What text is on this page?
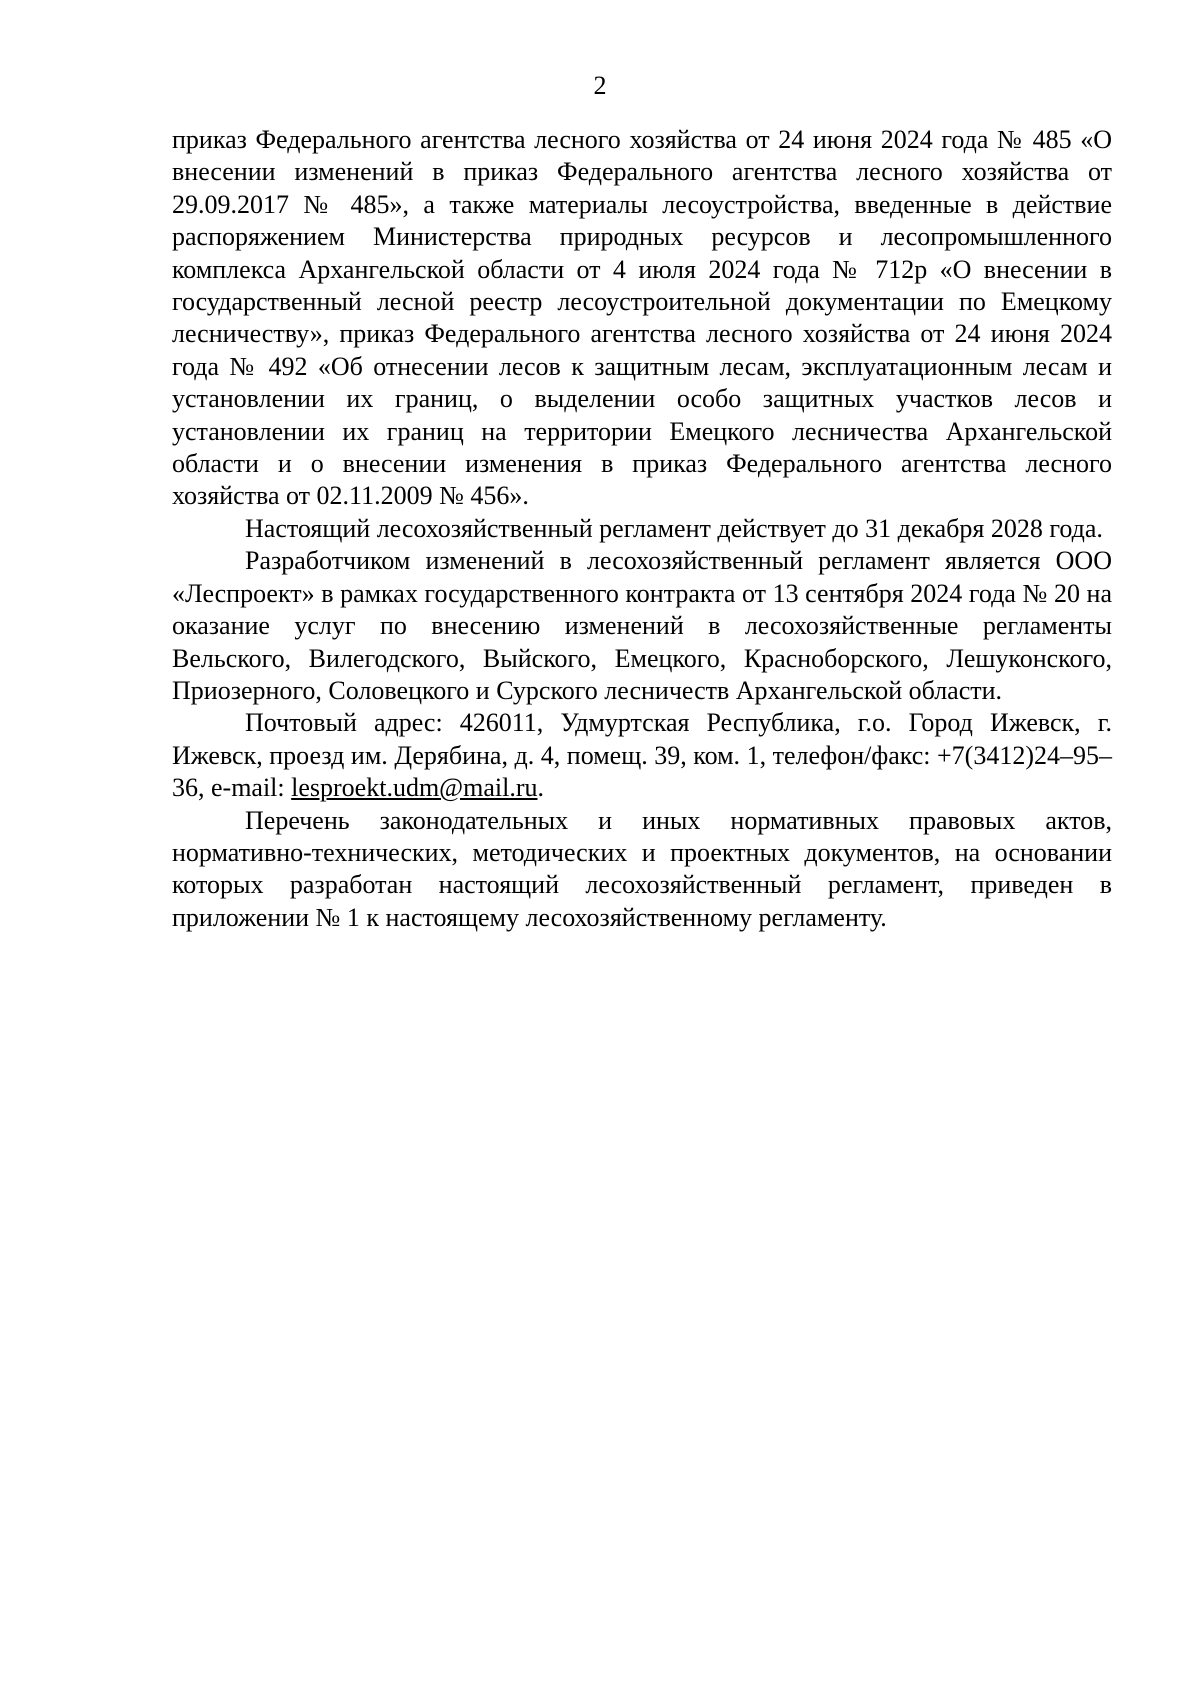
2

приказ Федерального агентства лесного хозяйства от 24 июня 2024 года № 485 «О внесении изменений в приказ Федерального агентства лесного хозяйства от 29.09.2017 № 485», а также материалы лесоустройства, введенные в действие распоряжением Министерства природных ресурсов и лесопромышленного комплекса Архангельской области от 4 июля 2024 года № 712р «О внесении в государственный лесной реестр лесоустроительной документации по Емецкому лесничеству», приказ Федерального агентства лесного хозяйства от 24 июня 2024 года № 492 «Об отнесении лесов к защитным лесам, эксплуатационным лесам и установлении их границ, о выделении особо защитных участков лесов и установлении их границ на территории Емецкого лесничества Архангельской области и о внесении изменения в приказ Федерального агентства лесного хозяйства от 02.11.2009 № 456».

Настоящий лесохозяйственный регламент действует до 31 декабря 2028 года.

Разработчиком изменений в лесохозяйственный регламент является ООО «Леспроект» в рамках государственного контракта от 13 сентября 2024 года № 20 на оказание услуг по внесению изменений в лесохозяйственные регламенты Вельского, Вилегодского, Выйского, Емецкого, Красноборского, Лешуконского, Приозерного, Соловецкого и Сурского лесничеств Архангельской области.

Почтовый адрес: 426011, Удмуртская Республика, г.о. Город Ижевск, г. Ижевск, проезд им. Дерябина, д. 4, помещ. 39, ком. 1, телефон/факс: +7(3412)24–95–36, e-mail: lesproekt.udm@mail.ru.

Перечень законодательных и иных нормативных правовых актов, нормативно-технических, методических и проектных документов, на основании которых разработан настоящий лесохозяйственный регламент, приведен в приложении № 1 к настоящему лесохозяйственному регламенту.
